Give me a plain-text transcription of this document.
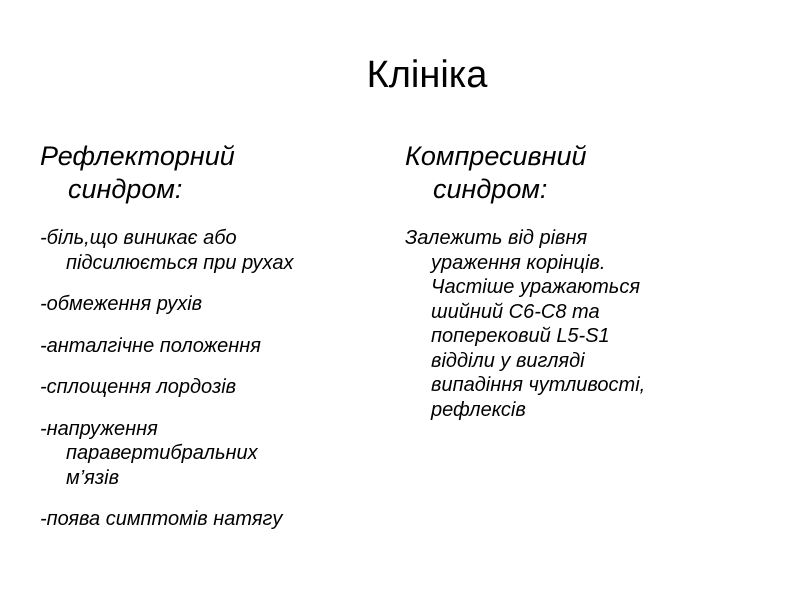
Клініка
Рефлекторний
синдром:
-біль,що виникає або
підсилюється при рухах
-обмеження рухів
-анталгічне положення
-сплощення лордозів
-напруження
паравертибральних
м’язів
-поява симптомів натягу
Компресивний
синдром:
Залежить від рівня
ураження корінців.
Частіше уражаються
шийний С6-С8 та
поперековий L5-S1
відділи у вигляді
випадіння чутливості,
рефлексів
